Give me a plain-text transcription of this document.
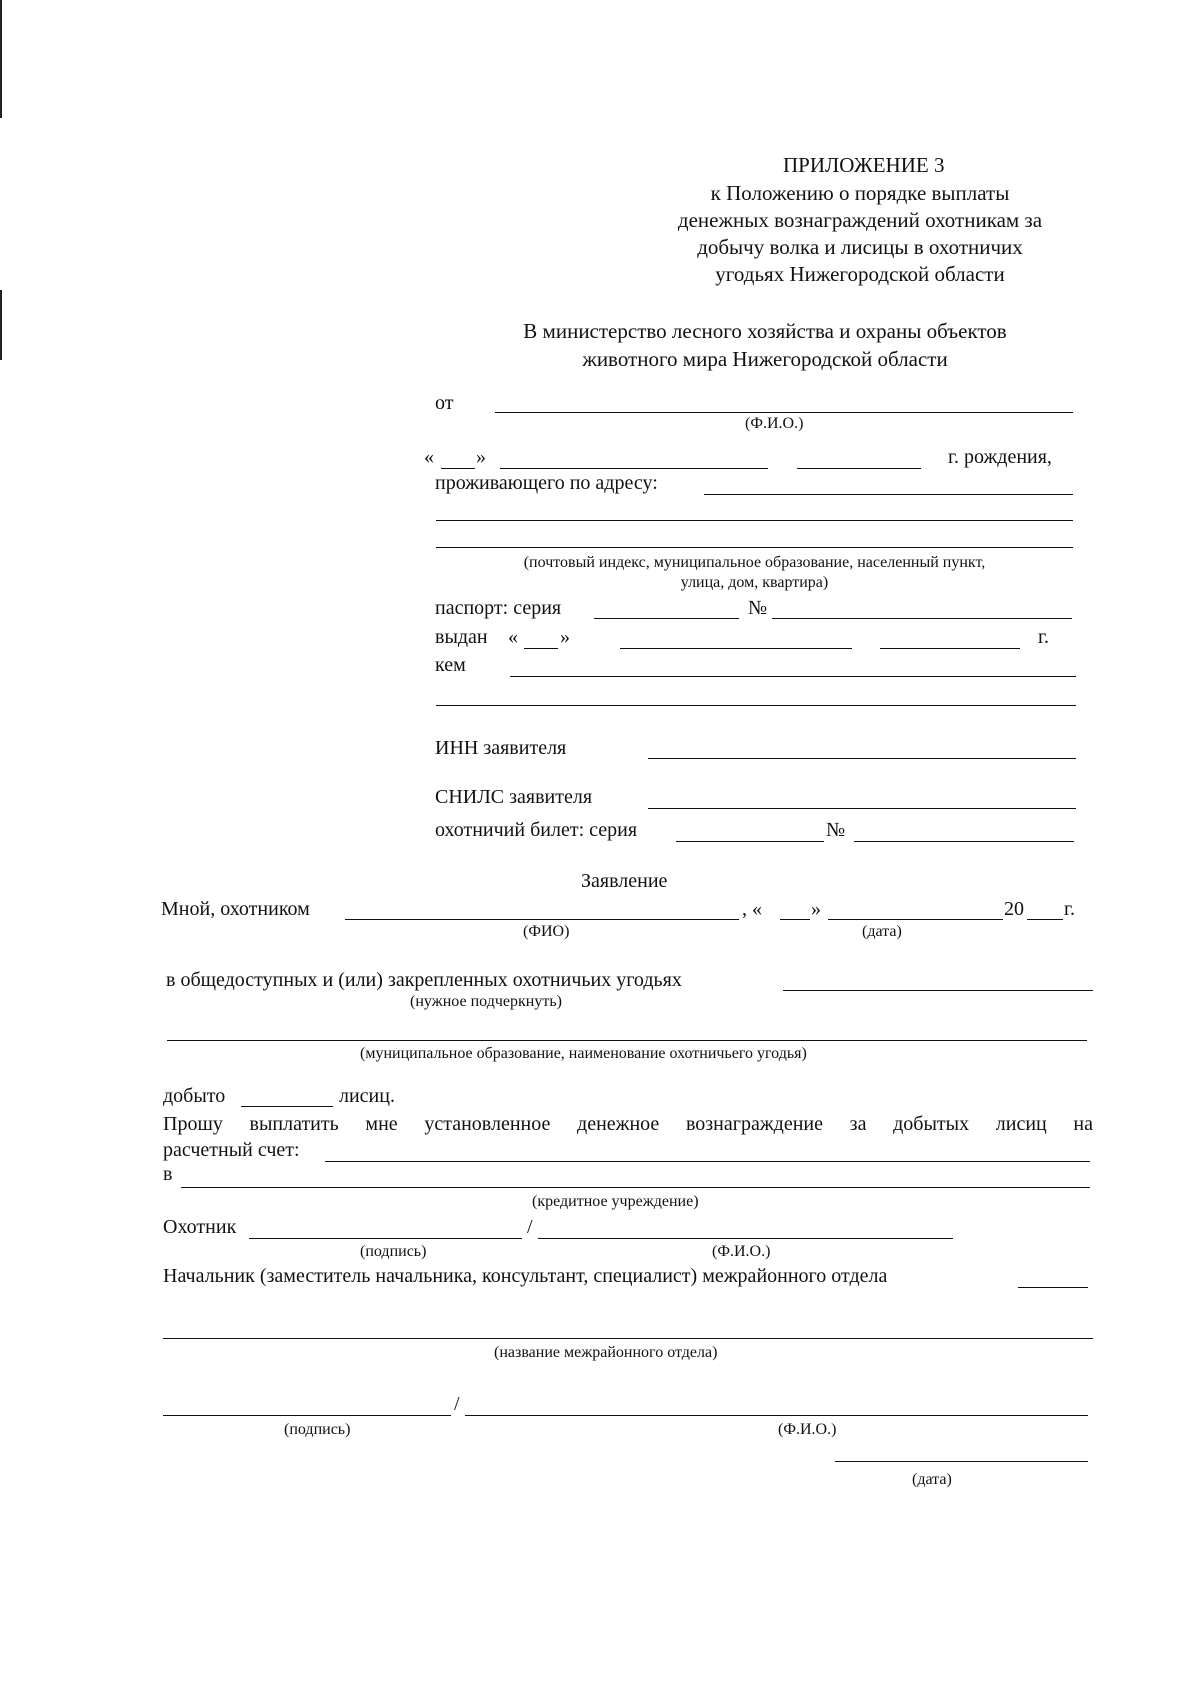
ПРИЛОЖЕНИЕ 3
к Положению о порядке выплаты
денежных вознаграждений охотникам за
добычу волка и лисицы в охотничих
угодьях Нижегородской области
В министерство лесного хозяйства и охраны объектов
животного мира Нижегородской области
от
(Ф.И.О.)
« »	г. рождения,
проживающего по адресу:
(почтовый индекс, муниципальное образование, населенный пункт,
улица, дом, квартира)
паспорт: серия	№
выдан « »	г.
кем
ИНН заявителя
СНИЛС заявителя
охотничий билет: серия	№
Заявление
Мной, охотником	, « »	20 г.
(ФИО)	(дата)
в общедоступных и (или) закрепленных охотничьих угодьях
(нужное подчеркнуть)
(муниципальное образование, наименование охотничьего угодья)
добыто	лисиц.
Прошу выплатить мне установленное денежное вознаграждение за добытых лисиц на
расчетный счет:
в
(кредитное учреждение)
Охотник	/
(подпись)	(Ф.И.О.)
Начальник (заместитель начальника, консультант, специалист) межрайонного отдела
(название межрайонного отдела)
/
(подпись)	(Ф.И.О.)
(дата)
